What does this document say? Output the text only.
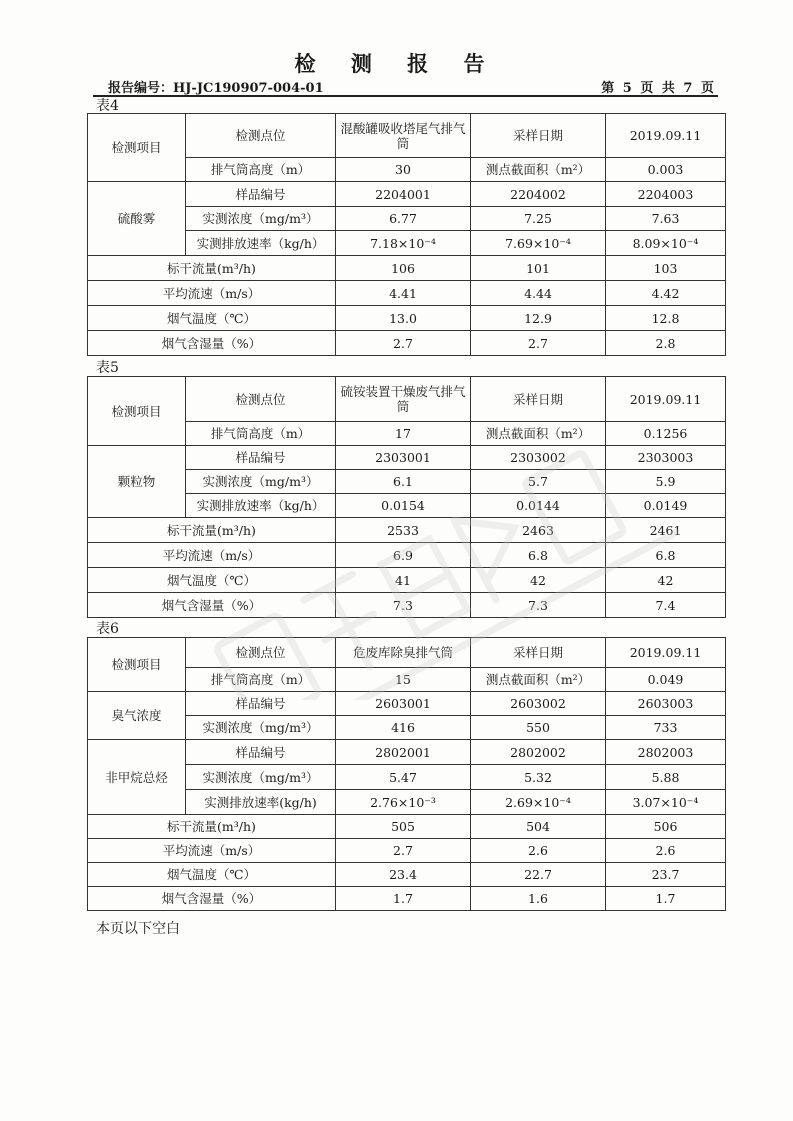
检 测 报 告
报告编号：HJ-JC190907-004-01	第 5 页 共 7 页
表4
检测项目	检测点位	混酸罐吸收塔尾气排气筒	采样日期	2019.09.11
	排气筒高度（m）	30	测点截面积（m²）	0.003
硫酸雾	样品编号	2204001	2204002	2204003
	实测浓度（mg/m³）	6.77	7.25	7.63
	实测排放速率（kg/h）	7.18×10⁻⁴	7.69×10⁻⁴	8.09×10⁻⁴
标干流量(m³/h)		106	101	103
平均流速（m/s）		4.41	4.44	4.42
烟气温度（℃）		13.0	12.9	12.8
烟气含湿量（%）		2.7	2.7	2.8
表5
检测项目	检测点位	硫铵装置干燥废气排气筒	采样日期	2019.09.11
	排气筒高度（m）	17	测点截面积（m²）	0.1256
颗粒物	样品编号	2303001	2303002	2303003
	实测浓度（mg/m³）	6.1	5.7	5.9
	实测排放速率（kg/h）	0.0154	0.0144	0.0149
标干流量(m³/h)		2533	2463	2461
平均流速（m/s）		6.9	6.8	6.8
烟气温度（℃）		41	42	42
烟气含湿量（%）		7.3	7.3	7.4
表6
检测项目	检测点位	危废库除臭排气筒	采样日期	2019.09.11
	排气筒高度（m）	15	测点截面积（m²）	0.049
臭气浓度	样品编号	2603001	2603002	2603003
	实测浓度（mg/m³）	416	550	733
非甲烷总烃	样品编号	2802001	2802002	2802003
	实测浓度（mg/m³）	5.47	5.32	5.88
	实测排放速率(kg/h)	2.76×10⁻³	2.69×10⁻⁴	3.07×10⁻⁴
标干流量(m³/h)		505	504	506
平均流速（m/s）		2.7	2.6	2.6
烟气温度（℃）		23.4	22.7	23.7
烟气含湿量（%）		1.7	1.6	1.7
本页以下空白
